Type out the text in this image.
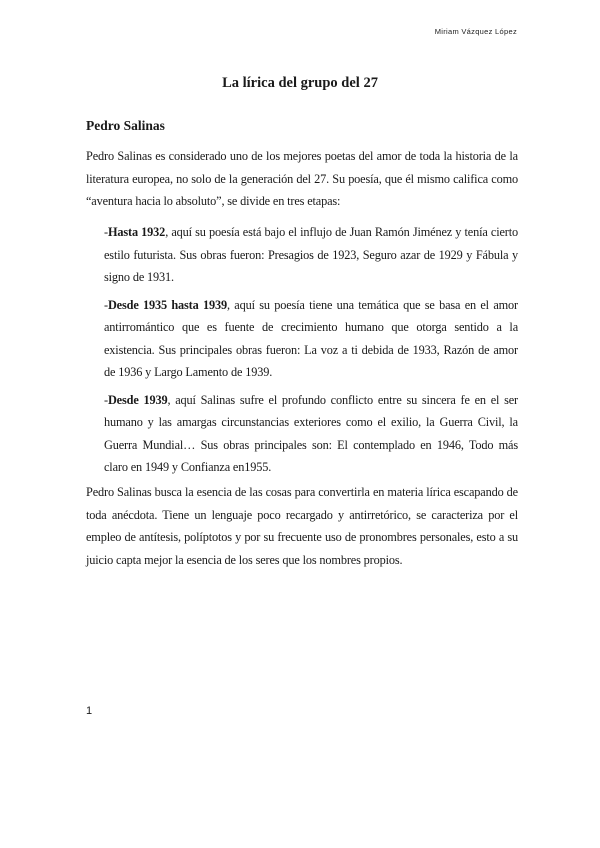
Miriam Vázquez López
La lírica del grupo del 27
Pedro Salinas

Pedro Salinas es considerado uno de los mejores poetas del amor de toda la historia de la literatura europea, no solo de la generación del 27. Su poesía, que él mismo califica como “aventura hacia lo absoluto”, se divide en tres etapas:

-Hasta 1932, aquí su poesía está bajo el influjo de Juan Ramón Jiménez y tenía cierto estilo futurista. Sus obras fueron: Presagios de 1923, Seguro azar de 1929 y Fábula y signo de 1931.
-Desde 1935 hasta 1939, aquí su poesía tiene una temática que se basa en el amor antirromántico que es fuente de crecimiento humano que otorga sentido a la existencia. Sus principales obras fueron: La voz a ti debida de 1933, Razón de amor de 1936 y Largo Lamento de 1939.
-Desde 1939, aquí Salinas sufre el profundo conflicto entre su sincera fe en el ser humano y las amargas circunstancias exteriores como el exilio, la Guerra Civil, la Guerra Mundial… Sus obras principales son: El contemplado en 1946, Todo más claro en 1949 y Confianza en1955.

Pedro Salinas busca la esencia de las cosas para convertirla en materia lírica escapando de toda anécdota. Tiene un lenguaje poco recargado y antirretórico, se caracteriza por el empleo de antítesis, políptotos y por su frecuente uso de pronombres personales, esto a su juicio capta mejor la esencia de los seres que los nombres propios.

1
